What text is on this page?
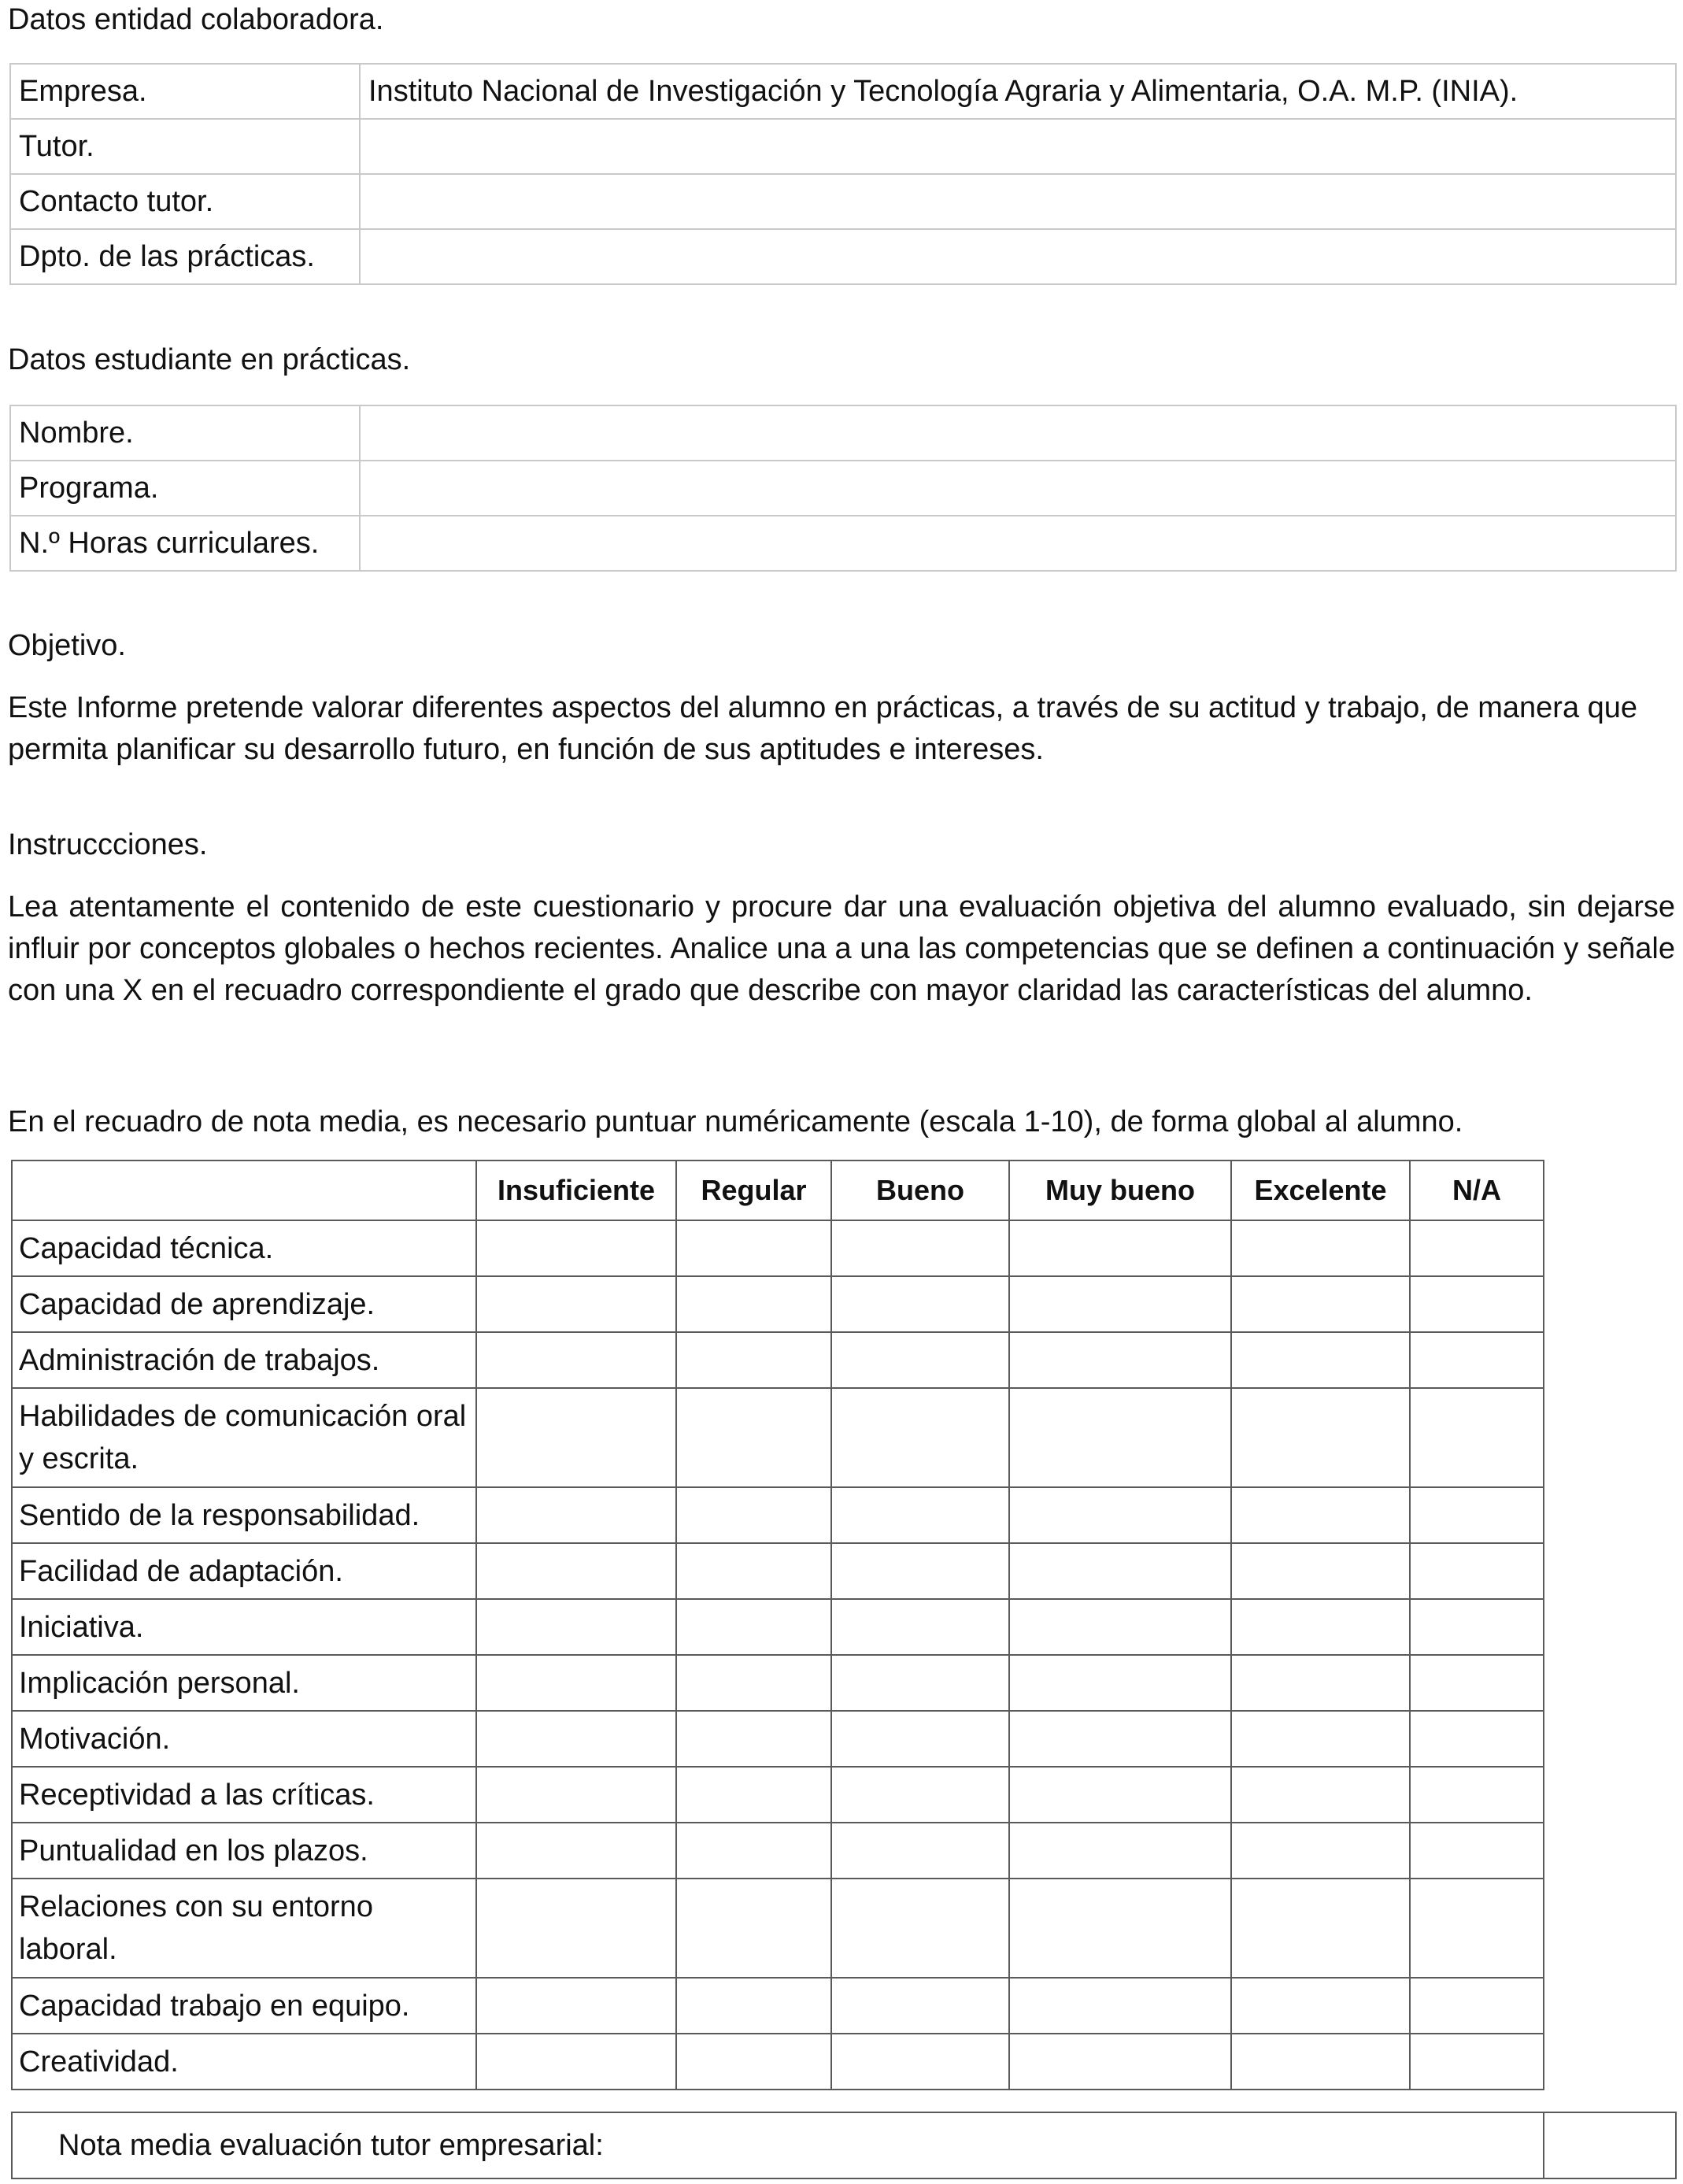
Datos entidad colaboradora.
Empresa.	Instituto Nacional de Investigación y Tecnología Agraria y Alimentaria, O.A. M.P. (INIA).
Tutor.	
Contacto tutor.	
Dpto. de las prácticas.	
Datos estudiante en prácticas.
Nombre.	
Programa.	
N.º Horas curriculares.	
Objetivo.
Este Informe pretende valorar diferentes aspectos del alumno en prácticas, a través de su actitud y trabajo, de manera que permita planificar su desarrollo futuro, en función de sus aptitudes e intereses.
Instruccciones.
Lea atentamente el contenido de este cuestionario y procure dar una evaluación objetiva del alumno evaluado, sin dejarse influir por conceptos globales o hechos recientes. Analice una a una las competencias que se definen a continuación y señale con una X en el recuadro correspondiente el grado que describe con mayor claridad las características del alumno.
En el recuadro de nota media, es necesario puntuar numéricamente (escala 1-10), de forma global al alumno.
	Insuficiente	Regular	Bueno	Muy bueno	Excelente	N/A
Capacidad técnica.						
Capacidad de aprendizaje.						
Administración de trabajos.						
Habilidades de comunicación oral y escrita.						
Sentido de la responsabilidad.						
Facilidad de adaptación.						
Iniciativa.						
Implicación personal.						
Motivación.						
Receptividad a las críticas.						
Puntualidad en los plazos.						
Relaciones con su entorno laboral.						
Capacidad trabajo en equipo.						
Creatividad.						
Nota media evaluación tutor empresarial:	
